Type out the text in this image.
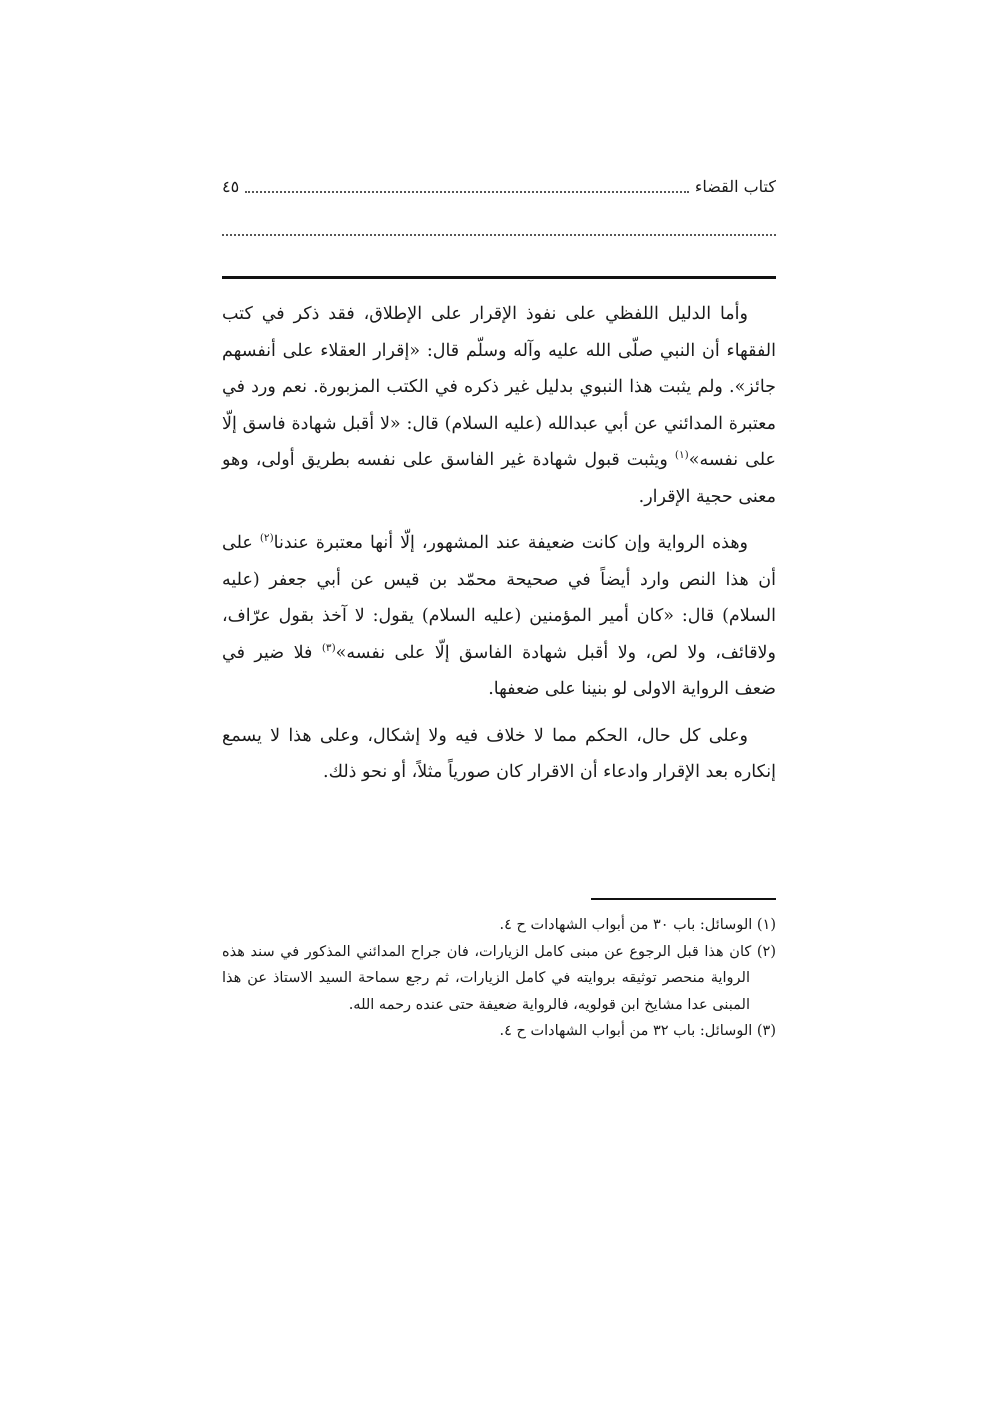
كتاب القضاء
٤٥

وأما الدليل اللفظي على نفوذ الإقرار على الإطلاق، فقد ذكر في كتب الفقهاء أن النبي صلّى الله عليه وآله وسلّم قال: «إقرار العقلاء على أنفسهم جائز». ولم يثبت هذا النبوي بدليل غير ذكره في الكتب المزبورة. نعم ورد في معتبرة المدائني عن أبي عبدالله (عليه السلام) قال: «لا أقبل شهادة فاسق إلّا على نفسه»$^{(١)}$ ويثبت قبول شهادة غير الفاسق على نفسه بطريق أولى، وهو معنى حجية الإقرار.

وهذه الرواية وإن كانت ضعيفة عند المشهور، إلّا أنها معتبرة عندنا$^{(٢)}$ على أن هذا النص وارد أيضاً في صحيحة محمّد بن قيس عن أبي جعفر (عليه السلام) قال: «كان أمير المؤمنين (عليه السلام) يقول: لا آخذ بقول عرّاف، ولاقائف، ولا لص، ولا أقبل شهادة الفاسق إلّا على نفسه»$^{(٣)}$ فلا ضير في ضعف الرواية الاولى لو بنينا على ضعفها.

وعلى كل حال، الحكم مما لا خلاف فيه ولا إشكال، وعلى هذا لا يسمع إنكاره بعد الإقرار وادعاء أن الاقرار كان صورياً مثلاً، أو نحو ذلك.

(١) الوسائل: باب ٣٠ من أبواب الشهادات ح ٤.

(٢) كان هذا قبل الرجوع عن مبنى كامل الزيارات، فان جراح المدائني المذكور في سند هذه الرواية منحصر توثيقه بروايته في كامل الزيارات، ثم رجع سماحة السيد الاستاذ عن هذا المبنى عدا مشايخ ابن قولويه، فالرواية ضعيفة حتى عنده رحمه الله.

(٣) الوسائل: باب ٣٢ من أبواب الشهادات ح ٤.
